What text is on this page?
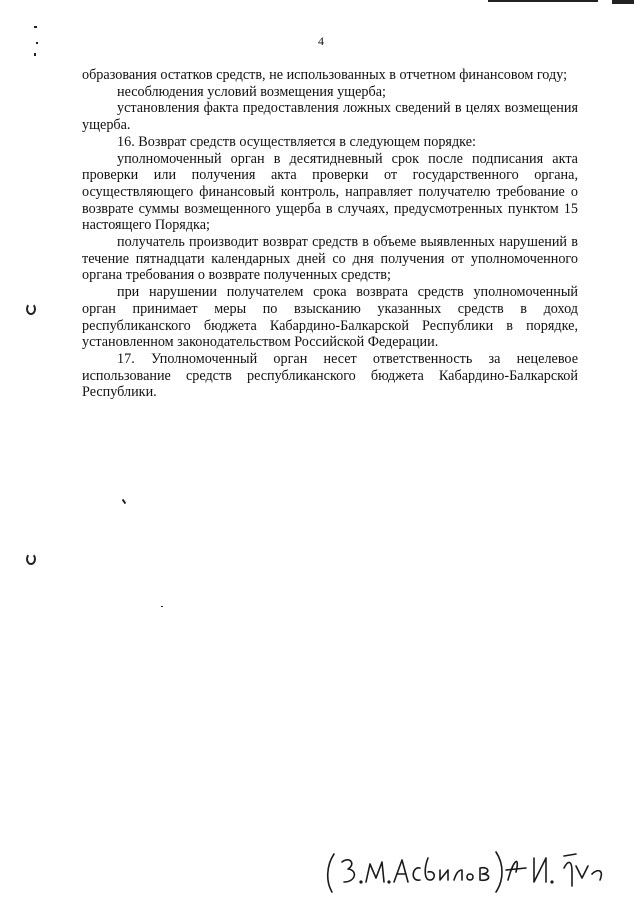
4

образования остатков средств, не использованных в отчетном финансовом году;

несоблюдения условий возмещения ущерба;

установления факта предоставления ложных сведений в целях возмещения ущерба.

16. Возврат средств осуществляется в следующем порядке:

уполномоченный орган в десятидневный срок после подписания акта проверки или получения акта проверки от государственного органа, осуществляющего финансовый контроль, направляет получателю требование о возврате суммы возмещенного ущерба в случаях, предусмотренных пунктом 15 настоящего Порядка;

получатель производит возврат средств в объеме выявленных нарушений в течение пятнадцати календарных дней со дня получения от уполномоченного органа требования о возврате полученных средств;

при нарушении получателем срока возврата средств уполномоченный орган принимает меры по взысканию указанных средств в доход республиканского бюджета Кабардино-Балкарской Республики в порядке, установленном законодательством Российской Федерации.

17. Уполномоченный орган несет ответственность за нецелевое использование средств республиканского бюджета Кабардино-Балкарской Республики.
